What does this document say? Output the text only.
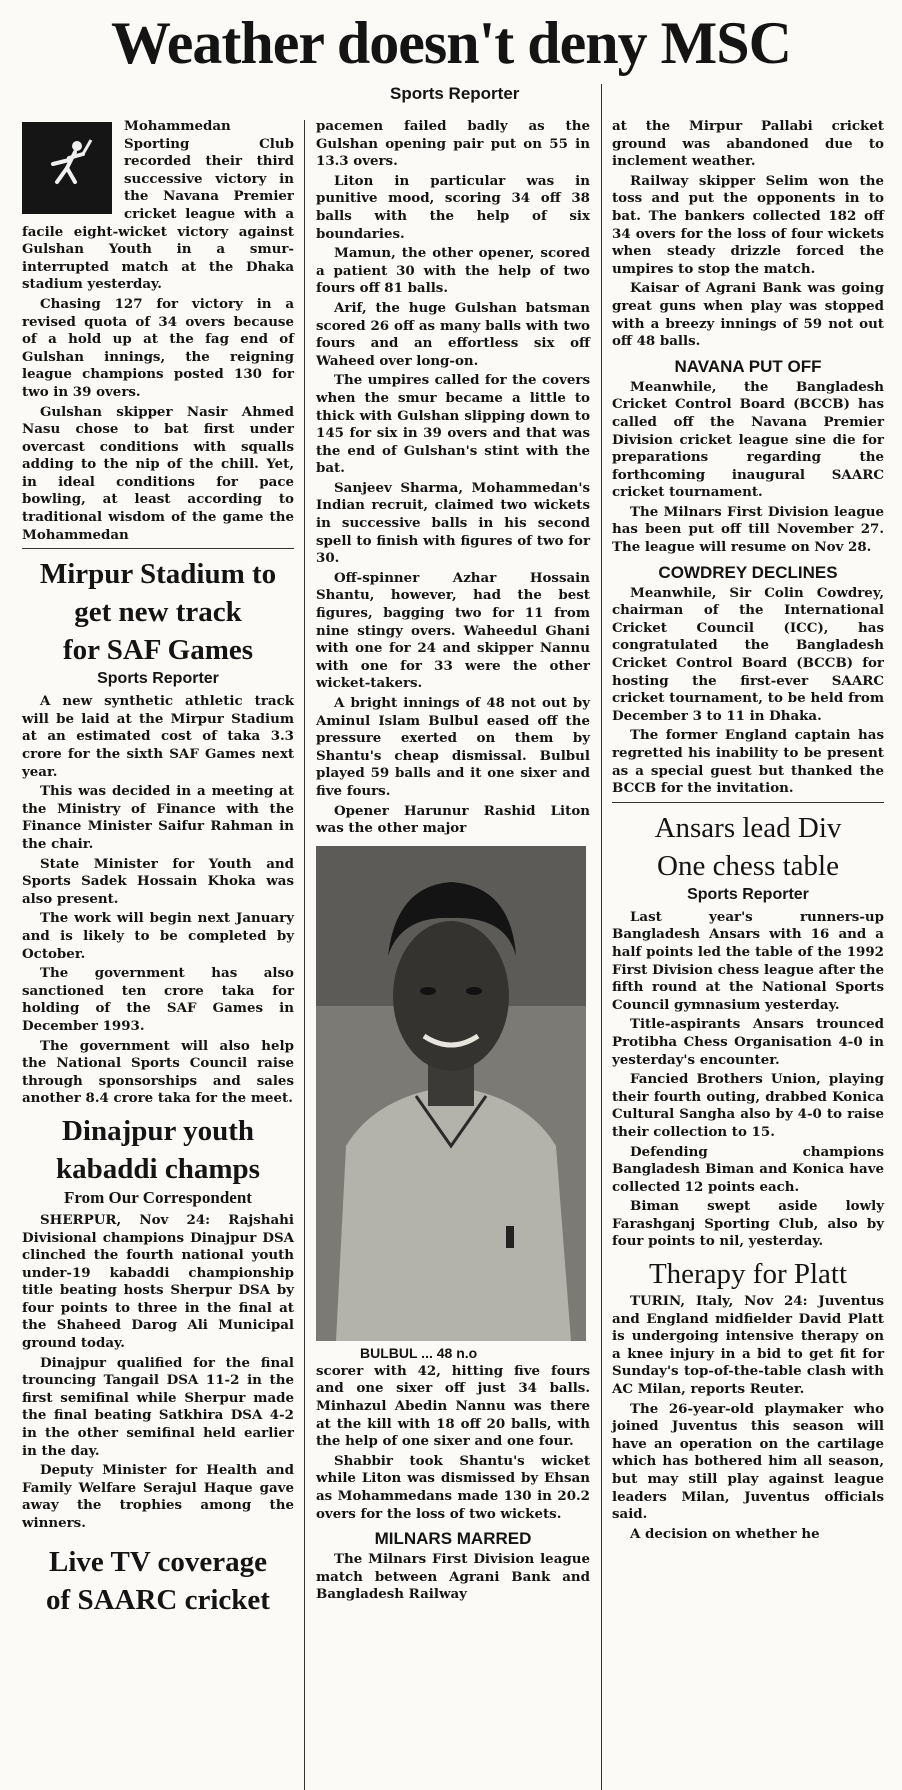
Weather doesn't deny MSC
Sports Reporter

Mohammedan Sporting Club recorded their third successive victory in the Navana Premier cricket league with a facile eight-wicket victory against Gulshan Youth in a smur-interrupted match at the Dhaka stadium yesterday.

Chasing 127 for victory in a revised quota of 34 overs because of a hold up at the fag end of Gulshan innings, the reigning league champions posted 130 for two in 39 overs.

Gulshan skipper Nasir Ahmed Nasu chose to bat first under overcast conditions with squalls adding to the nip of the chill. Yet, in ideal conditions for pace bowling, at least according to traditional wisdom of the game the Mohammedan

Mirpur Stadium to
get new track
for SAF Games
Sports Reporter

A new synthetic athletic track will be laid at the Mirpur Stadium at an estimated cost of taka 3.3 crore for the sixth SAF Games next year.

This was decided in a meeting at the Ministry of Finance with the Finance Minister Saifur Rahman in the chair.

State Minister for Youth and Sports Sadek Hossain Khoka was also present.

The work will begin next January and is likely to be completed by October.

The government has also sanctioned ten crore taka for holding of the SAF Games in December 1993.

The government will also help the National Sports Council raise through sponsorships and sales another 8.4 crore taka for the meet.

Dinajpur youth
kabaddi champs
From Our Correspondent

SHERPUR, Nov 24: Rajshahi Divisional champions Dinajpur DSA clinched the fourth national youth under-19 kabaddi championship title beating hosts Sherpur DSA by four points to three in the final at the Shaheed Darog Ali Municipal ground today.

Dinajpur qualified for the final trouncing Tangail DSA 11-2 in the first semifinal while Sherpur made the final beating Satkhira DSA 4-2 in the other semifinal held earlier in the day.

Deputy Minister for Health and Family Welfare Serajul Haque gave away the trophies among the winners.

Live TV coverage
of SAARC cricket

pacemen failed badly as the Gulshan opening pair put on 55 in 13.3 overs.

Liton in particular was in punitive mood, scoring 34 off 38 balls with the help of six boundaries.

Mamun, the other opener, scored a patient 30 with the help of two fours off 81 balls.

Arif, the huge Gulshan batsman scored 26 off as many balls with two fours and an effortless six off Waheed over long-on.

The umpires called for the covers when the smur became a little to thick with Gulshan slipping down to 145 for six in 39 overs and that was the end of Gulshan's stint with the bat.

Sanjeev Sharma, Mohammedan's Indian recruit, claimed two wickets in successive balls in his second spell to finish with figures of two for 30.

Off-spinner Azhar Hossain Shantu, however, had the best figures, bagging two for 11 from nine stingy overs. Waheedul Ghani with one for 24 and skipper Nannu with one for 33 were the other wicket-takers.

A bright innings of 48 not out by Aminul Islam Bulbul eased off the pressure exerted on them by Shantu's cheap dismissal. Bulbul played 59 balls and it one sixer and five fours.

Opener Harunur Rashid Liton was the other major

BULBUL ... 48 n.o

scorer with 42, hitting five fours and one sixer off just 34 balls. Minhazul Abedin Nannu was there at the kill with 18 off 20 balls, with the help of one sixer and one four.

Shabbir took Shantu's wicket while Liton was dismissed by Ehsan as Mohammedans made 130 in 20.2 overs for the loss of two wickets.

MILNARS MARRED

The Milnars First Division league match between Agrani Bank and Bangladesh Railway

at the Mirpur Pallabi cricket ground was abandoned due to inclement weather.

Railway skipper Selim won the toss and put the opponents in to bat. The bankers collected 182 off 34 overs for the loss of four wickets when steady drizzle forced the umpires to stop the match.

Kaisar of Agrani Bank was going great guns when play was stopped with a breezy innings of 59 not out off 48 balls.

NAVANA PUT OFF

Meanwhile, the Bangladesh Cricket Control Board (BCCB) has called off the Navana Premier Division cricket league sine die for preparations regarding the forthcoming inaugural SAARC cricket tournament.

The Milnars First Division league has been put off till November 27. The league will resume on Nov 28.

COWDREY DECLINES

Meanwhile, Sir Colin Cowdrey, chairman of the International Cricket Council (ICC), has congratulated the Bangladesh Cricket Control Board (BCCB) for hosting the first-ever SAARC cricket tournament, to be held from December 3 to 11 in Dhaka.

The former England captain has regretted his inability to be present as a special guest but thanked the BCCB for the invitation.

Ansars lead Div
One chess table
Sports Reporter

Last year's runners-up Bangladesh Ansars with 16 and a half points led the table of the 1992 First Division chess league after the fifth round at the National Sports Council gymnasium yesterday.

Title-aspirants Ansars trounced Protibha Chess Organisation 4-0 in yesterday's encounter.

Fancied Brothers Union, playing their fourth outing, drabbed Konica Cultural Sangha also by 4-0 to raise their collection to 15.

Defending champions Bangladesh Biman and Konica have collected 12 points each.

Biman swept aside lowly Farashganj Sporting Club, also by four points to nil, yesterday.

Therapy for Platt

TURIN, Italy, Nov 24: Juventus and England midfielder David Platt is undergoing intensive therapy on a knee injury in a bid to get fit for Sunday's top-of-the-table clash with AC Milan, reports Reuter.

The 26-year-old playmaker who joined Juventus this season will have an operation on the cartilage which has bothered him all season, but may still play against league leaders Milan, Juventus officials said.

A decision on whether he
